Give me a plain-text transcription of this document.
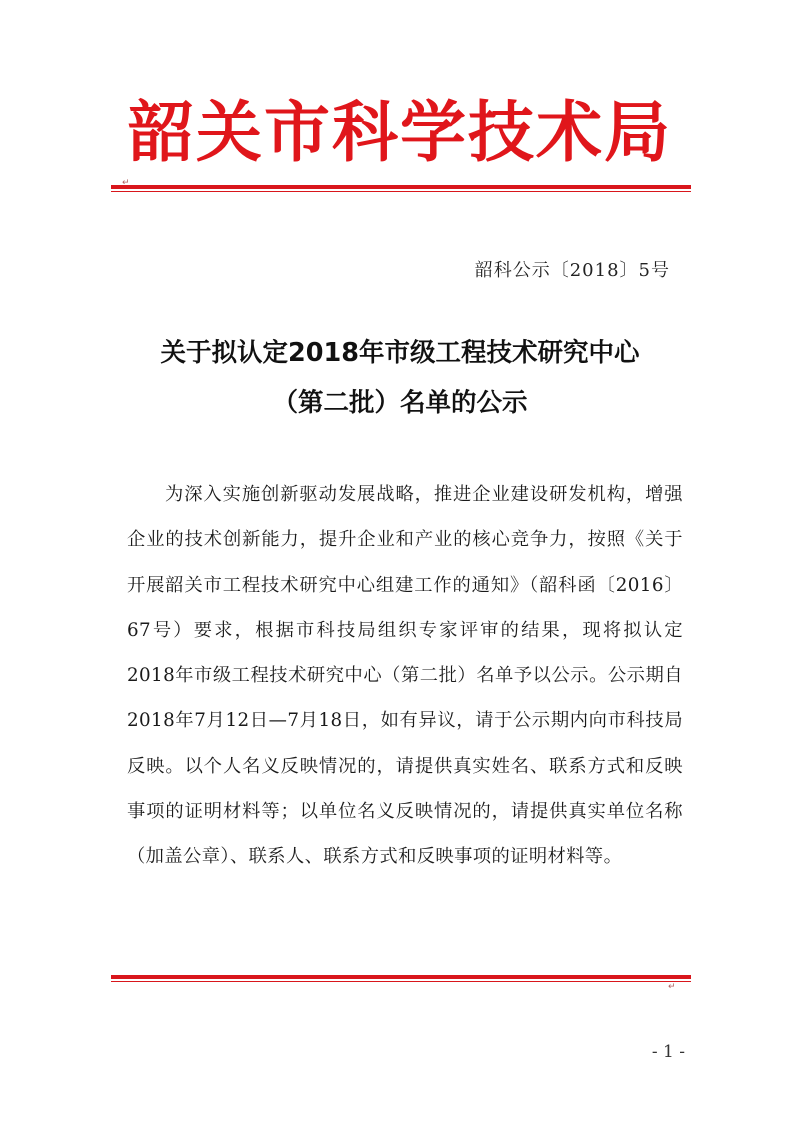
韶关市科学技术局
↵
韶科公示〔2018〕5号
关于拟认定2018年市级工程技术研究中心
（第二批）名单的公示

为深入实施创新驱动发展战略，推进企业建设研发机构，增强企业的技术创新能力，提升企业和产业的核心竞争力，按照《关于开展韶关市工程技术研究中心组建工作的通知》（韶科函〔2016〕67号）要求，根据市科技局组织专家评审的结果，现将拟认定2018年市级工程技术研究中心（第二批）名单予以公示。公示期自2018年7月12日—7月18日，如有异议，请于公示期内向市科技局反映。以个人名义反映情况的，请提供真实姓名、联系方式和反映事项的证明材料等；以单位名义反映情况的，请提供真实单位名称（加盖公章）、联系人、联系方式和反映事项的证明材料等。

↵
- 1 -
